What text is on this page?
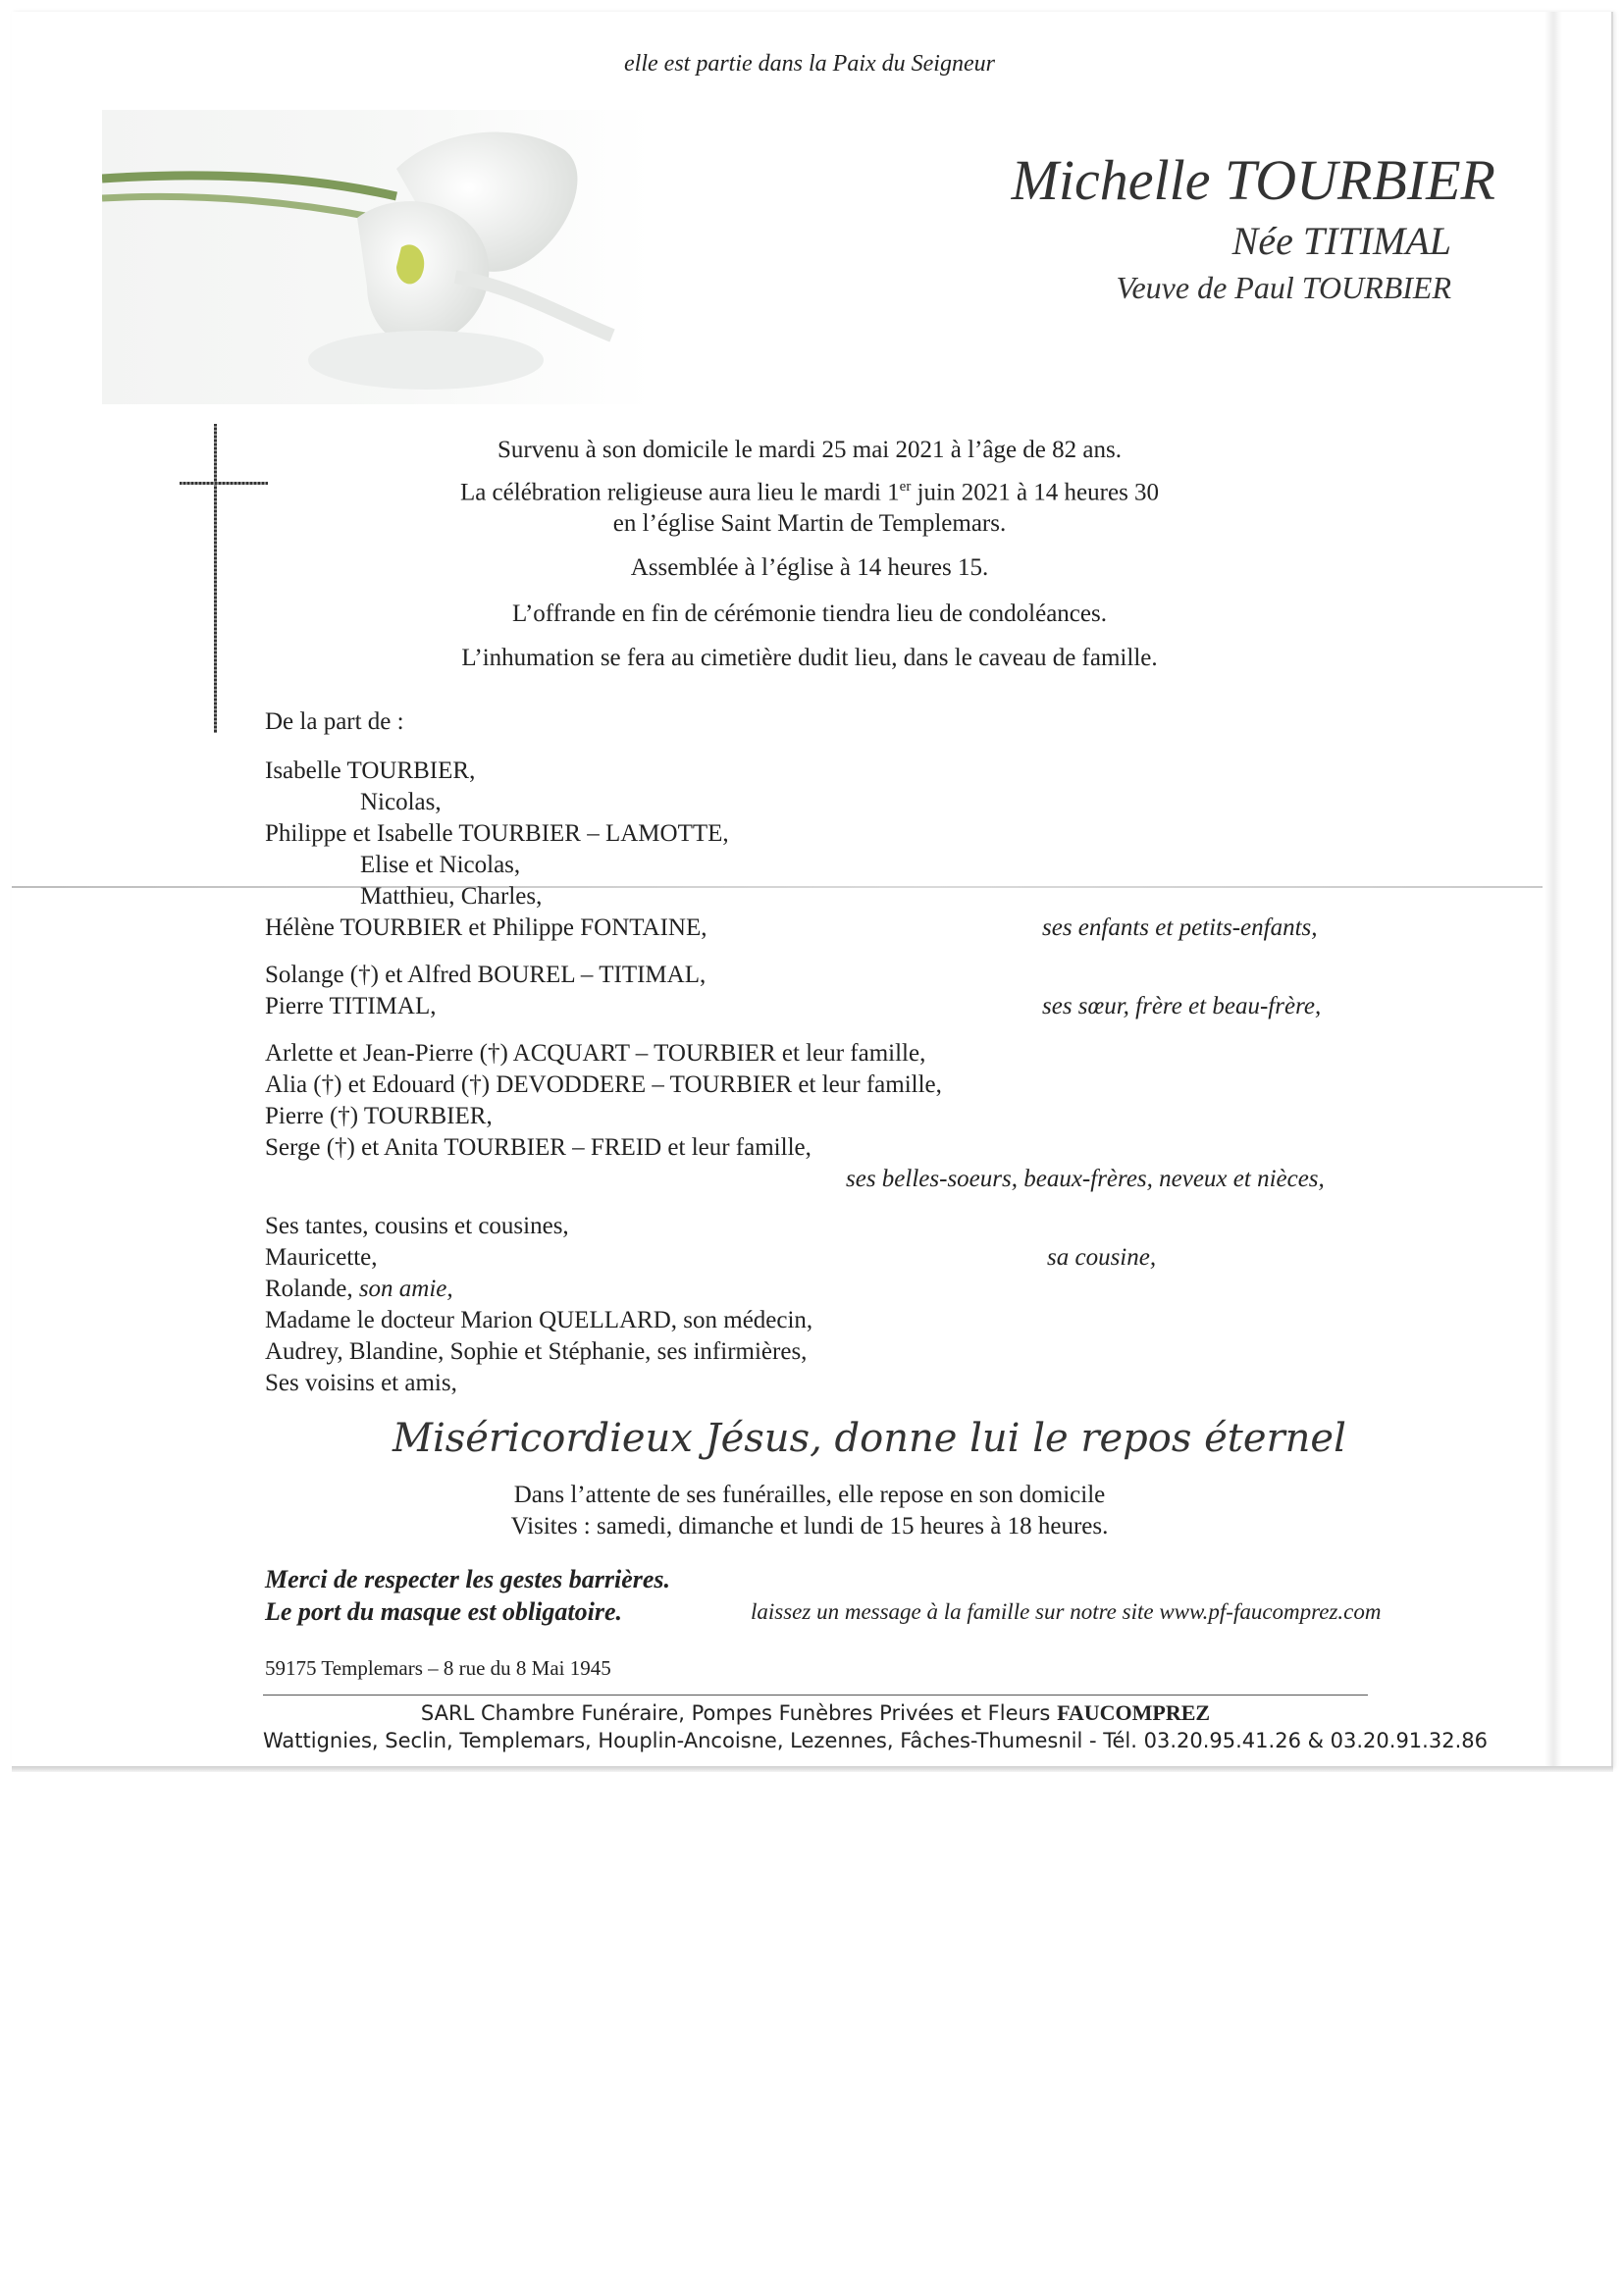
elle est partie dans la Paix du Seigneur
Michelle TOURBIER
Née TITIMAL
Veuve de Paul TOURBIER
Survenu à son domicile le mardi 25 mai 2021 à l’âge de 82 ans.
La célébration religieuse aura lieu le mardi 1er juin 2021 à 14 heures 30
en l’église Saint Martin de Templemars.
Assemblée à l’église à 14 heures 15.
L’offrande en fin de cérémonie tiendra lieu de condoléances.
L’inhumation se fera au cimetière dudit lieu, dans le caveau de famille.
De la part de :
Isabelle TOURBIER,
Nicolas,
Philippe et Isabelle TOURBIER – LAMOTTE,
Elise et Nicolas,
Matthieu, Charles,
Hélène TOURBIER et Philippe FONTAINE,	ses enfants et petits-enfants,
Solange (†) et Alfred BOUREL – TITIMAL,
Pierre TITIMAL,	ses sœur, frère et beau-frère,
Arlette et Jean-Pierre (†) ACQUART – TOURBIER et leur famille,
Alia (†) et Edouard (†) DEVODDERE – TOURBIER et leur famille,
Pierre (†) TOURBIER,
Serge (†) et Anita TOURBIER – FREID et leur famille,
ses belles-soeurs, beaux-frères, neveux et nièces,
Ses tantes, cousins et cousines,
Mauricette,	sa cousine,
Rolande, son amie,
Madame le docteur Marion QUELLARD, son médecin,
Audrey, Blandine, Sophie et Stéphanie, ses infirmières,
Ses voisins et amis,
Miséricordieux Jésus, donne lui le repos éternel
Dans l’attente de ses funérailles, elle repose en son domicile
Visites : samedi, dimanche et lundi de 15 heures à 18 heures.
Merci de respecter les gestes barrières.
Le port du masque est obligatoire.	laissez un message à la famille sur notre site www.pf-faucomprez.com
59175 Templemars – 8 rue du 8 Mai 1945
SARL Chambre Funéraire, Pompes Funèbres Privées et Fleurs FAUCOMPREZ
Wattignies, Seclin, Templemars, Houplin-Ancoisne, Lezennes, Fâches-Thumesnil - Tél. 03.20.95.41.26 & 03.20.91.32.86
